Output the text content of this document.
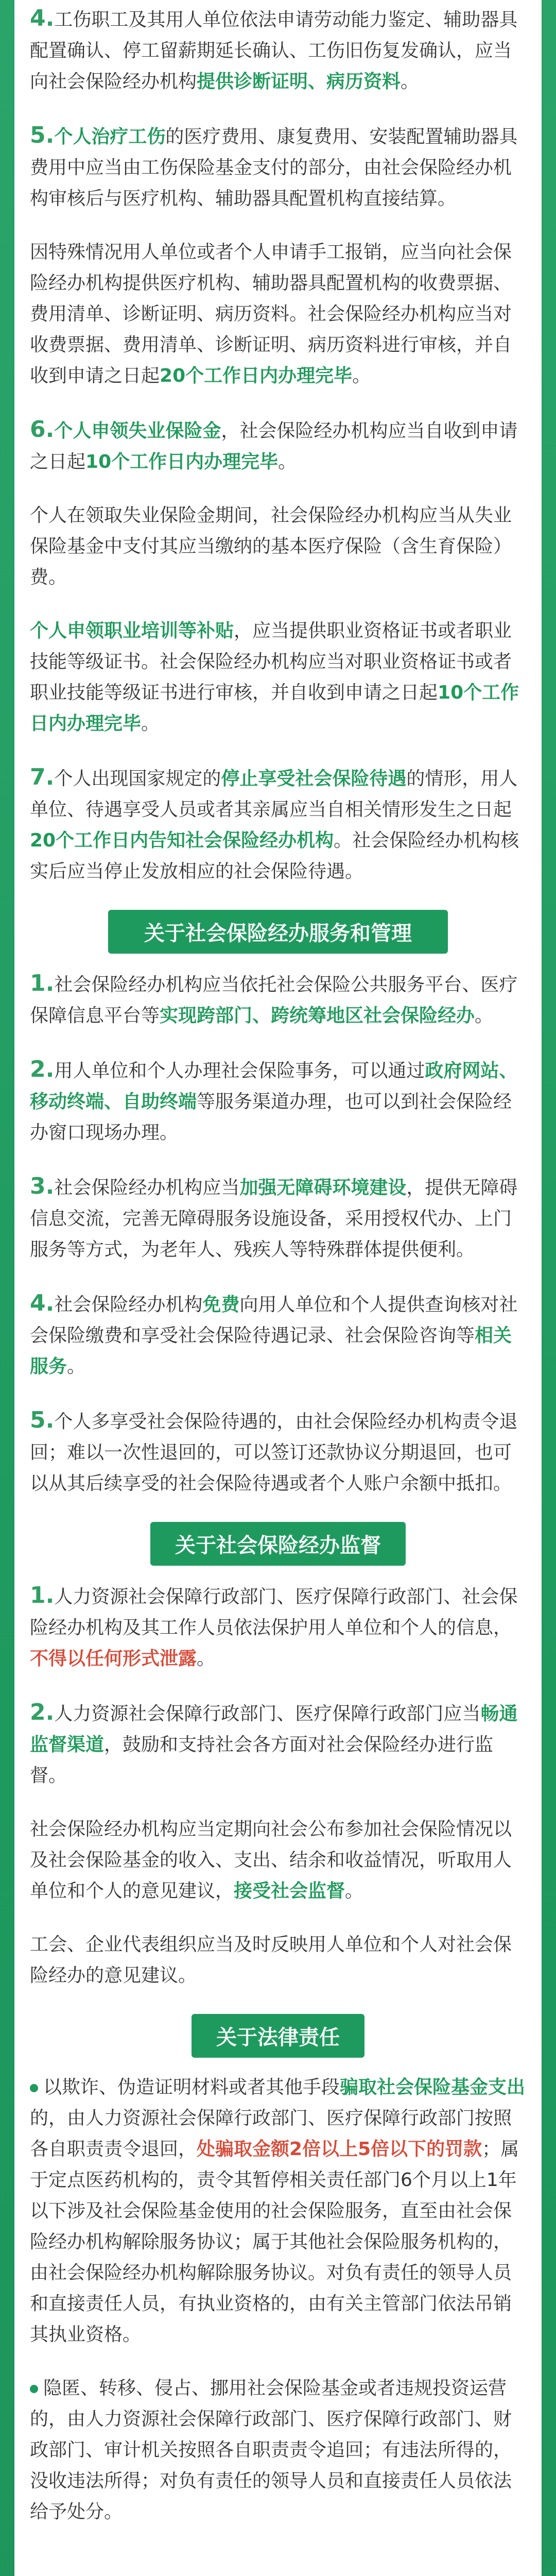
4.工伤职工及其用人单位依法申请劳动能力鉴定、辅助器具配置确认、停工留薪期延长确认、工伤旧伤复发确认，应当向社会保险经办机构提供诊断证明、病历资料。

5.个人治疗工伤的医疗费用、康复费用、安装配置辅助器具费用中应当由工伤保险基金支付的部分，由社会保险经办机构审核后与医疗机构、辅助器具配置机构直接结算。

因特殊情况用人单位或者个人申请手工报销，应当向社会保险经办机构提供医疗机构、辅助器具配置机构的收费票据、费用清单、诊断证明、病历资料。社会保险经办机构应当对收费票据、费用清单、诊断证明、病历资料进行审核，并自收到申请之日起20个工作日内办理完毕。

6.个人申领失业保险金，社会保险经办机构应当自收到申请之日起10个工作日内办理完毕。

个人在领取失业保险金期间，社会保险经办机构应当从失业保险基金中支付其应当缴纳的基本医疗保险（含生育保险）费。

个人申领职业培训等补贴，应当提供职业资格证书或者职业技能等级证书。社会保险经办机构应当对职业资格证书或者职业技能等级证书进行审核，并自收到申请之日起10个工作日内办理完毕。

7.个人出现国家规定的停止享受社会保险待遇的情形，用人单位、待遇享受人员或者其亲属应当自相关情形发生之日起20个工作日内告知社会保险经办机构。社会保险经办机构核实后应当停止发放相应的社会保险待遇。

关于社会保险经办服务和管理

1.社会保险经办机构应当依托社会保险公共服务平台、医疗保障信息平台等实现跨部门、跨统筹地区社会保险经办。

2.用人单位和个人办理社会保险事务，可以通过政府网站、移动终端、自助终端等服务渠道办理，也可以到社会保险经办窗口现场办理。

3.社会保险经办机构应当加强无障碍环境建设，提供无障碍信息交流，完善无障碍服务设施设备，采用授权代办、上门服务等方式，为老年人、残疾人等特殊群体提供便利。

4.社会保险经办机构免费向用人单位和个人提供查询核对社会保险缴费和享受社会保险待遇记录、社会保险咨询等相关服务。

5.个人多享受社会保险待遇的，由社会保险经办机构责令退回；难以一次性退回的，可以签订还款协议分期退回，也可以从其后续享受的社会保险待遇或者个人账户余额中抵扣。

关于社会保险经办监督

1.人力资源社会保障行政部门、医疗保障行政部门、社会保险经办机构及其工作人员依法保护用人单位和个人的信息，不得以任何形式泄露。

2.人力资源社会保障行政部门、医疗保障行政部门应当畅通监督渠道，鼓励和支持社会各方面对社会保险经办进行监督。

社会保险经办机构应当定期向社会公布参加社会保险情况以及社会保险基金的收入、支出、结余和收益情况，听取用人单位和个人的意见建议，接受社会监督。

工会、企业代表组织应当及时反映用人单位和个人对社会保险经办的意见建议。

关于法律责任

以欺诈、伪造证明材料或者其他手段骗取社会保险基金支出的，由人力资源社会保障行政部门、医疗保障行政部门按照各自职责责令退回，处骗取金额2倍以上5倍以下的罚款；属于定点医药机构的，责令其暂停相关责任部门6个月以上1年以下涉及社会保险基金使用的社会保险服务，直至由社会保险经办机构解除服务协议；属于其他社会保险服务机构的，由社会保险经办机构解除服务协议。对负有责任的领导人员和直接责任人员，有执业资格的，由有关主管部门依法吊销其执业资格。

隐匿、转移、侵占、挪用社会保险基金或者违规投资运营的，由人力资源社会保障行政部门、医疗保障行政部门、财政部门、审计机关按照各自职责责令追回；有违法所得的，没收违法所得；对负有责任的领导人员和直接责任人员依法给予处分。
